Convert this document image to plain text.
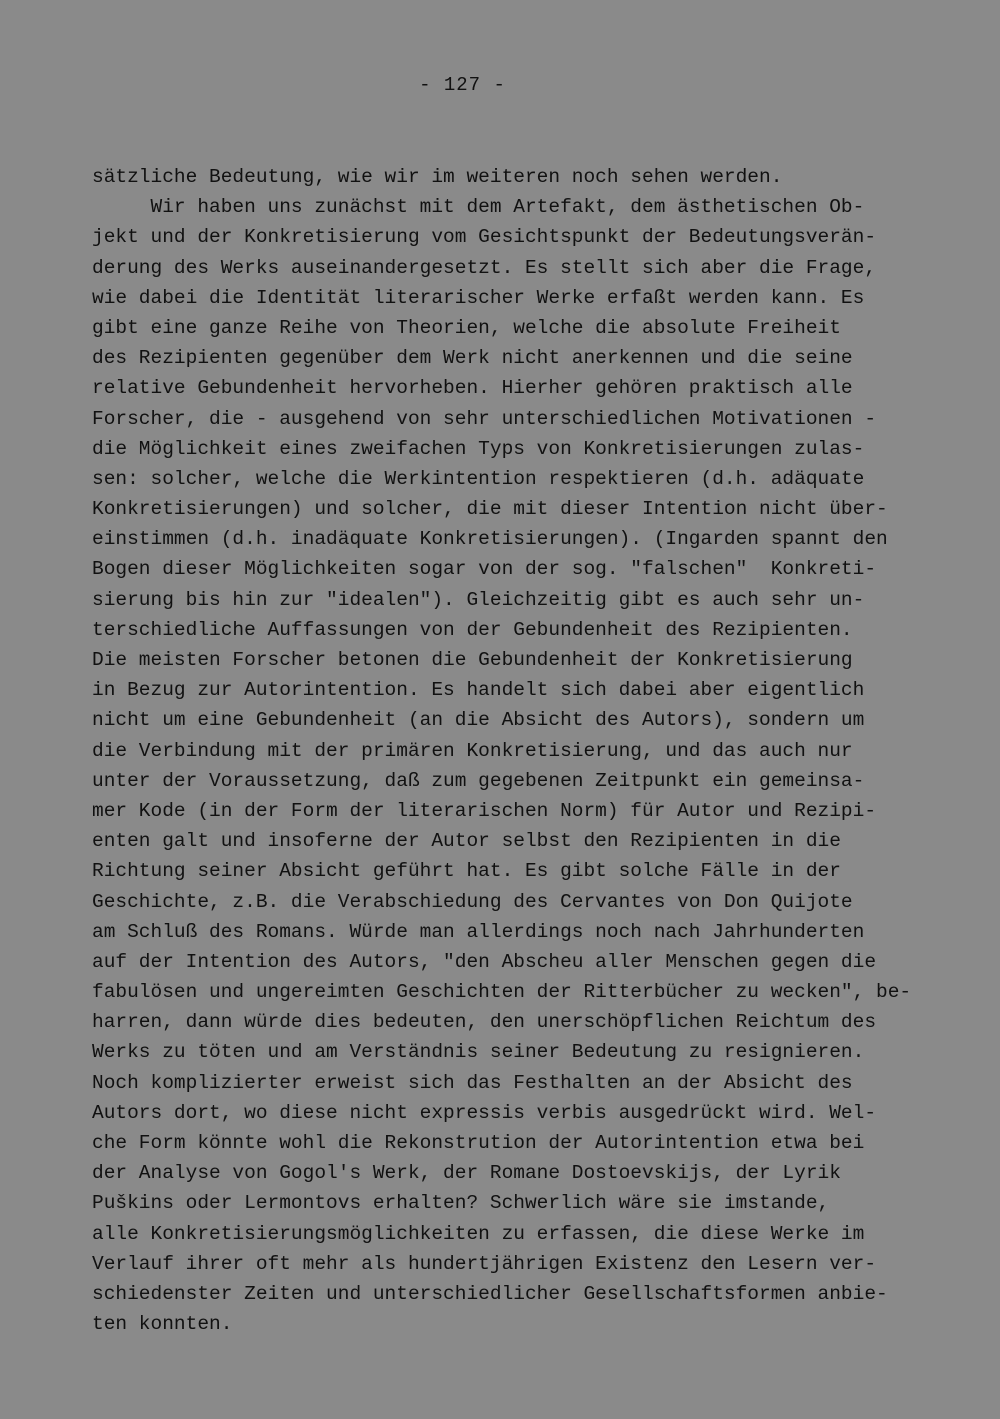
- 127 -
sätzliche Bedeutung, wie wir im weiteren noch sehen werden.
Wir haben uns zunächst mit dem Artefakt, dem ästhetischen Ob-
jekt und der Konkretisierung vom Gesichtspunkt der Bedeutungsverän-
derung des Werks auseinandergesetzt. Es stellt sich aber die Frage,
wie dabei die Identität literarischer Werke erfaßt werden kann. Es
gibt eine ganze Reihe von Theorien, welche die absolute Freiheit
des Rezipienten gegenüber dem Werk nicht anerkennen und die seine
relative Gebundenheit hervorheben. Hierher gehören praktisch alle
Forscher, die - ausgehend von sehr unterschiedlichen Motivationen -
die Möglichkeit eines zweifachen Typs von Konkretisierungen zulas-
sen: solcher, welche die Werkintention respektieren (d.h. adäquate
Konkretisierungen) und solcher, die mit dieser Intention nicht über-
einstimmen (d.h. inadäquate Konkretisierungen). (Ingarden spannt den
Bogen dieser Möglichkeiten sogar von der sog. "falschen"  Konkreti-
sierung bis hin zur "idealen"). Gleichzeitig gibt es auch sehr un-
terschiedliche Auffassungen von der Gebundenheit des Rezipienten.
Die meisten Forscher betonen die Gebundenheit der Konkretisierung
in Bezug zur Autorintention. Es handelt sich dabei aber eigentlich
nicht um eine Gebundenheit (an die Absicht des Autors), sondern um
die Verbindung mit der primären Konkretisierung, und das auch nur
unter der Voraussetzung, daß zum gegebenen Zeitpunkt ein gemeinsa-
mer Kode (in der Form der literarischen Norm) für Autor und Rezipi-
enten galt und insoferne der Autor selbst den Rezipienten in die
Richtung seiner Absicht geführt hat. Es gibt solche Fälle in der
Geschichte, z.B. die Verabschiedung des Cervantes von Don Quijote
am Schluß des Romans. Würde man allerdings noch nach Jahrhunderten
auf der Intention des Autors, "den Abscheu aller Menschen gegen die
fabulösen und ungereimten Geschichten der Ritterbücher zu wecken", be-
harren, dann würde dies bedeuten, den unerschöpflichen Reichtum des
Werks zu töten und am Verständnis seiner Bedeutung zu resignieren.
Noch komplizierter erweist sich das Festhalten an der Absicht des
Autors dort, wo diese nicht expressis verbis ausgedrückt wird. Wel-
che Form könnte wohl die Rekonstrution der Autorintention etwa bei
der Analyse von Gogol's Werk, der Romane Dostoevskijs, der Lyrik
Puškins oder Lermontovs erhalten? Schwerlich wäre sie imstande,
alle Konkretisierungsmöglichkeiten zu erfassen, die diese Werke im
Verlauf ihrer oft mehr als hundertjährigen Existenz den Lesern ver-
schiedenster Zeiten und unterschiedlicher Gesellschaftsformen anbie-
ten konnten.
